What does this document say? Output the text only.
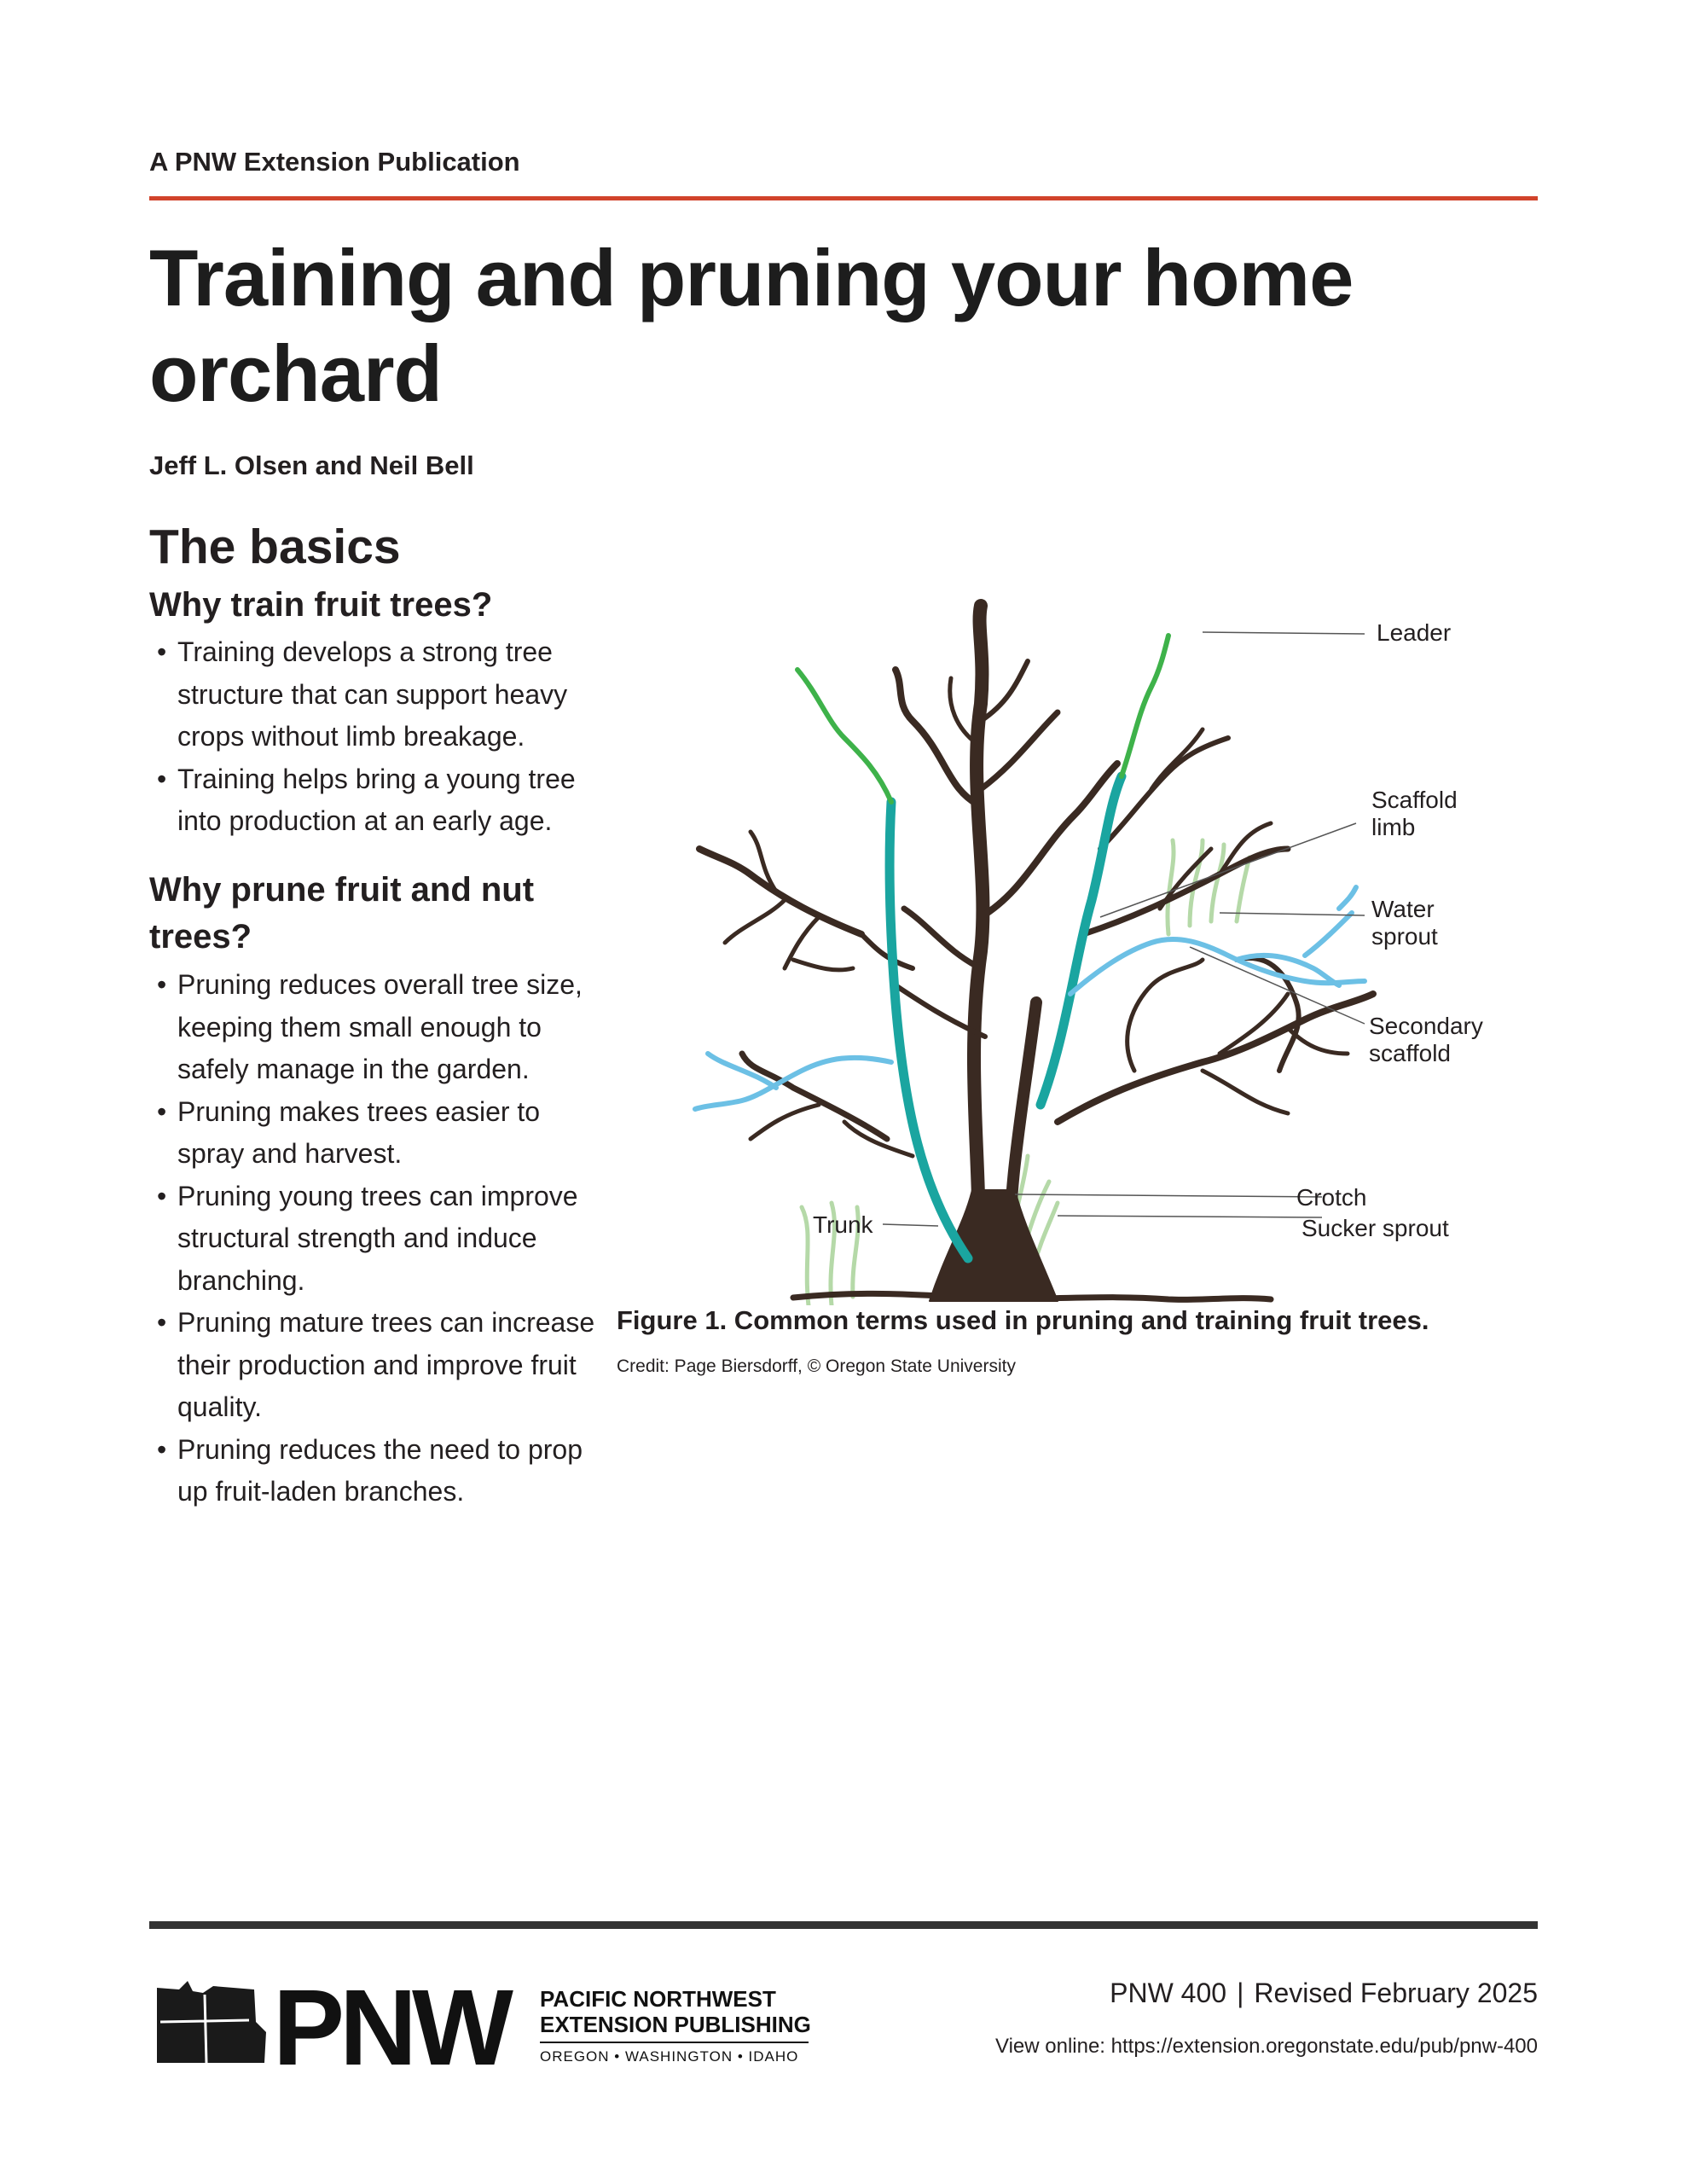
A PNW Extension Publication
Training and pruning your home orchard
Jeff L. Olsen and Neil Bell
The basics
Why train fruit trees?
• Training develops a strong tree structure that can support heavy crops without limb breakage.
• Training helps bring a young tree into production at an early age.
Why prune fruit and nut trees?
• Pruning reduces overall tree size, keeping them small enough to safely manage in the garden.
• Pruning makes trees easier to spray and harvest.
• Pruning young trees can improve structural strength and induce branching.
• Pruning mature trees can increase their production and improve fruit quality.
• Pruning reduces the need to prop up fruit-laden branches.
Leader
Scaffold
limb
Water
sprout
Secondary
scaffold
Crotch
Sucker sprout
Trunk
Figure 1. Common terms used in pruning and training fruit trees.
Credit: Page Biersdorff, © Oregon State University
PNW PACIFIC NORTHWEST
EXTENSION PUBLISHING
OREGON • WASHINGTON • IDAHO
PNW 400 | Revised February 2025
View online: https://extension.oregonstate.edu/pub/pnw-400
